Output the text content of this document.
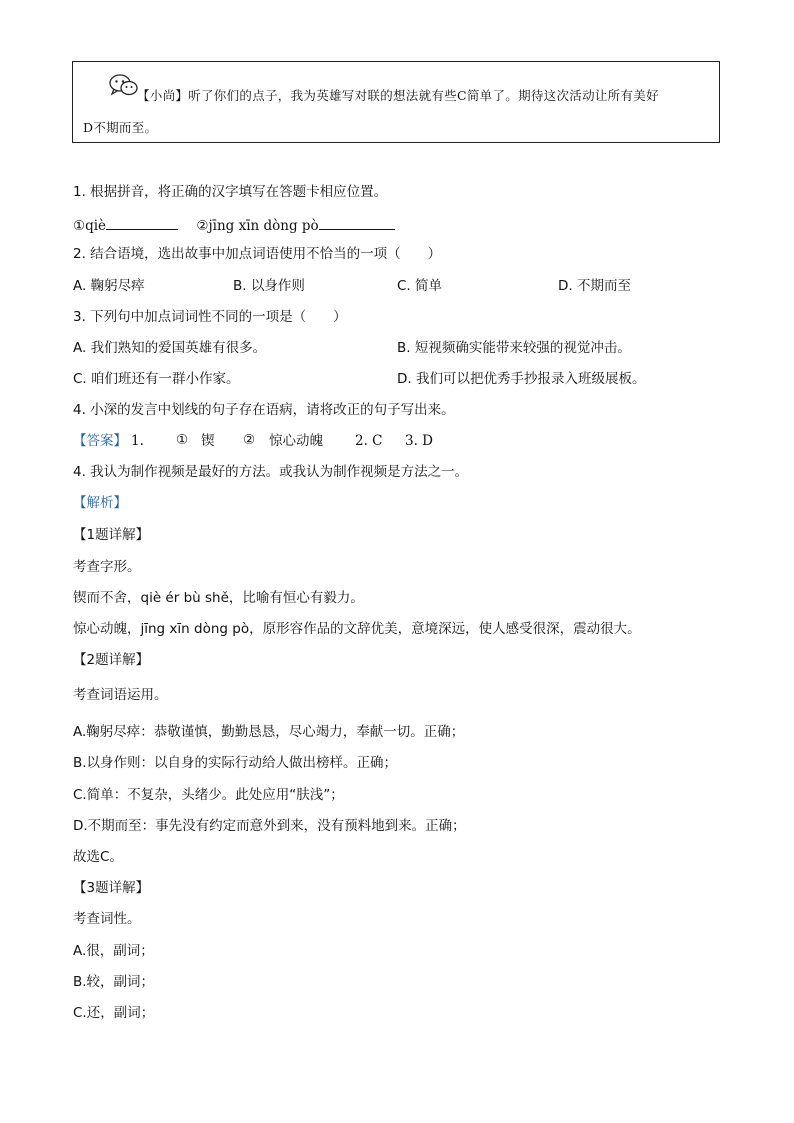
【小尚】听了你们的点子，我为英雄写对联的想法就有些C简单了。期待这次活动让所有美好
D不期而至。
1. 根据拼音，将正确的汉字填写在答题卡相应位置。
①qiè	②jīng xīn dòng pò
2. 结合语境，选出故事中加点词语使用不恰当的一项（　　）
A. 鞠躬尽瘁	B. 以身作则	C. 简单	D. 不期而至
3. 下列句中加点词词性不同的一项是（　　）
A. 我们熟知的爱国英雄有很多。	B. 短视频确实能带来较强的视觉冲击。
C. 咱们班还有一群小作家。	D. 我们可以把优秀手抄报录入班级展板。
4. 小深的发言中划线的句子存在语病，请将改正的句子写出来。
【答案】 1. ① 锲 ② 惊心动魄 2. C 3. D
4. 我认为制作视频是最好的方法。或我认为制作视频是方法之一。
【解析】
【1题详解】
考查字形。
锲而不舍，qiè ér bù shě，比喻有恒心有毅力。
惊心动魄，jīng xīn dòng pò，原形容作品的文辞优美，意境深远，使人感受很深，震动很大。
【2题详解】
考查词语运用。
A.鞠躬尽瘁：恭敬谨慎，勤勤恳恳，尽心竭力，奉献一切。正确；
B.以身作则：以自身的实际行动给人做出榜样。正确；
C.简单：不复杂，头绪少。此处应用“肤浅”；
D.不期而至：事先没有约定而意外到来，没有预料地到来。正确；
故选C。
【3题详解】
考查词性。
A.很，副词；
B.较，副词；
C.还，副词；
